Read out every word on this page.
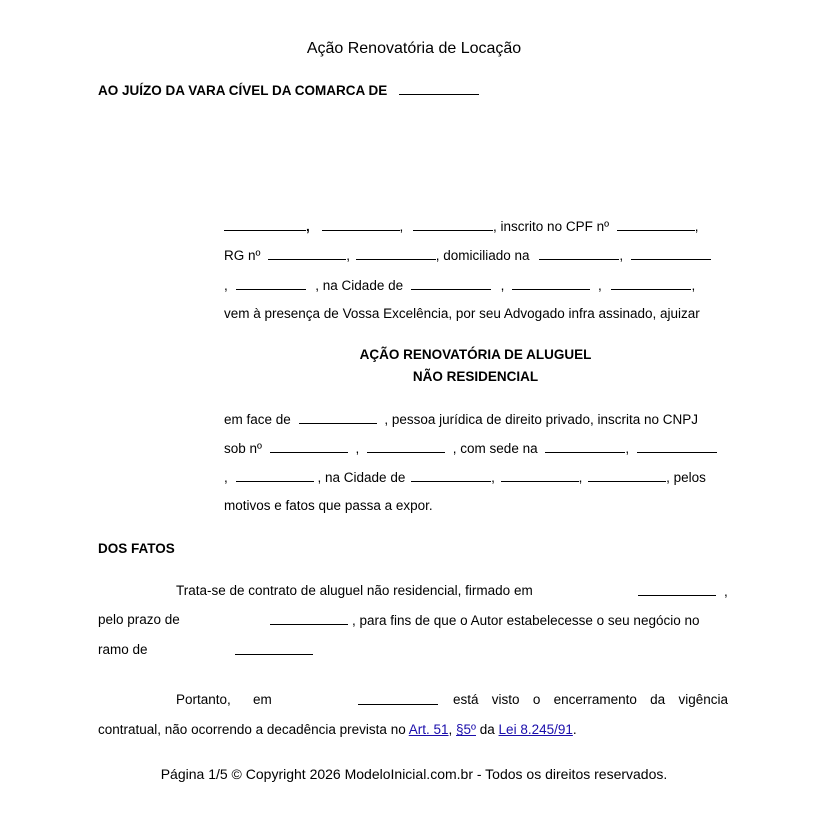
Ação Renovatória de Locação
AO JUÍZO DA VARA CÍVEL DA COMARCA DE
,	,	, inscrito no CPF nº	,
RG nº	,	, domiciliado na	,
,	, na Cidade de	,	,	,
vem à presença de Vossa Excelência, por seu Advogado infra assinado, ajuizar
AÇÃO RENOVATÓRIA DE ALUGUEL
NÃO RESIDENCIAL
em face de	, pessoa jurídica de direito privado, inscrita no CNPJ
sob nº	,	, com sede na	,
,	, na Cidade de	,	,	, pelos
motivos e fatos que passa a expor.
DOS FATOS
Trata-se de contrato de aluguel não residencial, firmado em	,
pelo prazo de	, para fins de que o Autor estabelecesse o seu negócio no
ramo de
Portanto, em	está visto o encerramento da vigência
contratual, não ocorrendo a decadência prevista no Art. 51, §5º da Lei 8.245/91.
Página 1/5 © Copyright 2026 ModeloInicial.com.br - Todos os direitos reservados.
